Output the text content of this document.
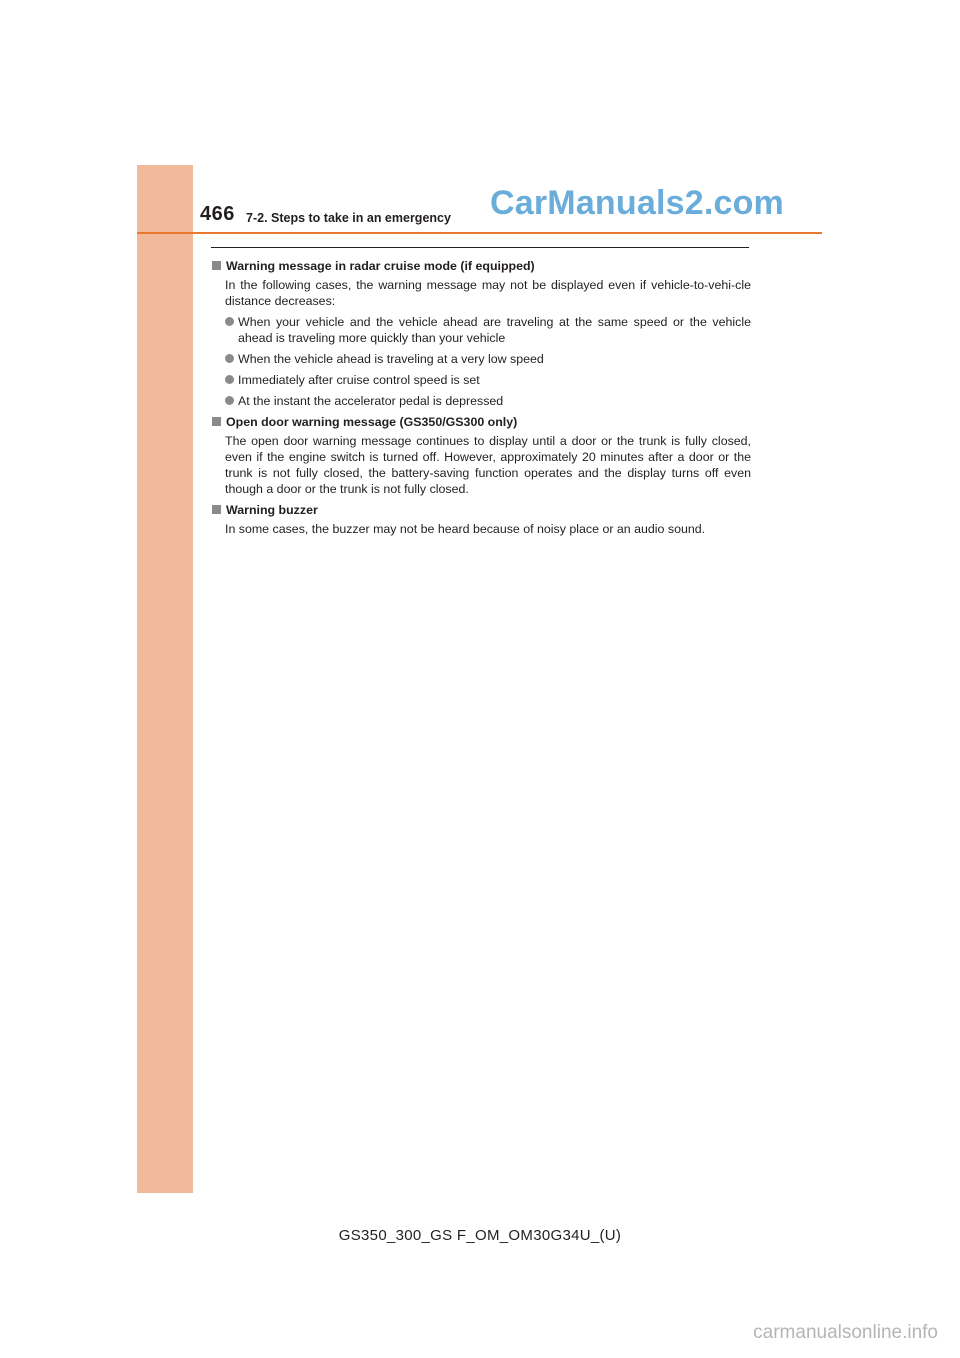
466 7-2. Steps to take in an emergency CarManuals2.com
Warning message in radar cruise mode (if equipped)
In the following cases, the warning message may not be displayed even if vehicle-to-vehi-cle distance decreases:
When your vehicle and the vehicle ahead are traveling at the same speed or the vehicle ahead is traveling more quickly than your vehicle
When the vehicle ahead is traveling at a very low speed
Immediately after cruise control speed is set
At the instant the accelerator pedal is depressed
Open door warning message (GS350/GS300 only)
The open door warning message continues to display until a door or the trunk is fully closed, even if the engine switch is turned off. However, approximately 20 minutes after a door or the trunk is not fully closed, the battery-saving function operates and the display turns off even though a door or the trunk is not fully closed.
Warning buzzer
In some cases, the buzzer may not be heard because of noisy place or an audio sound.
GS350_300_GS F_OM_OM30G34U_(U)
carmanualsonline.info
